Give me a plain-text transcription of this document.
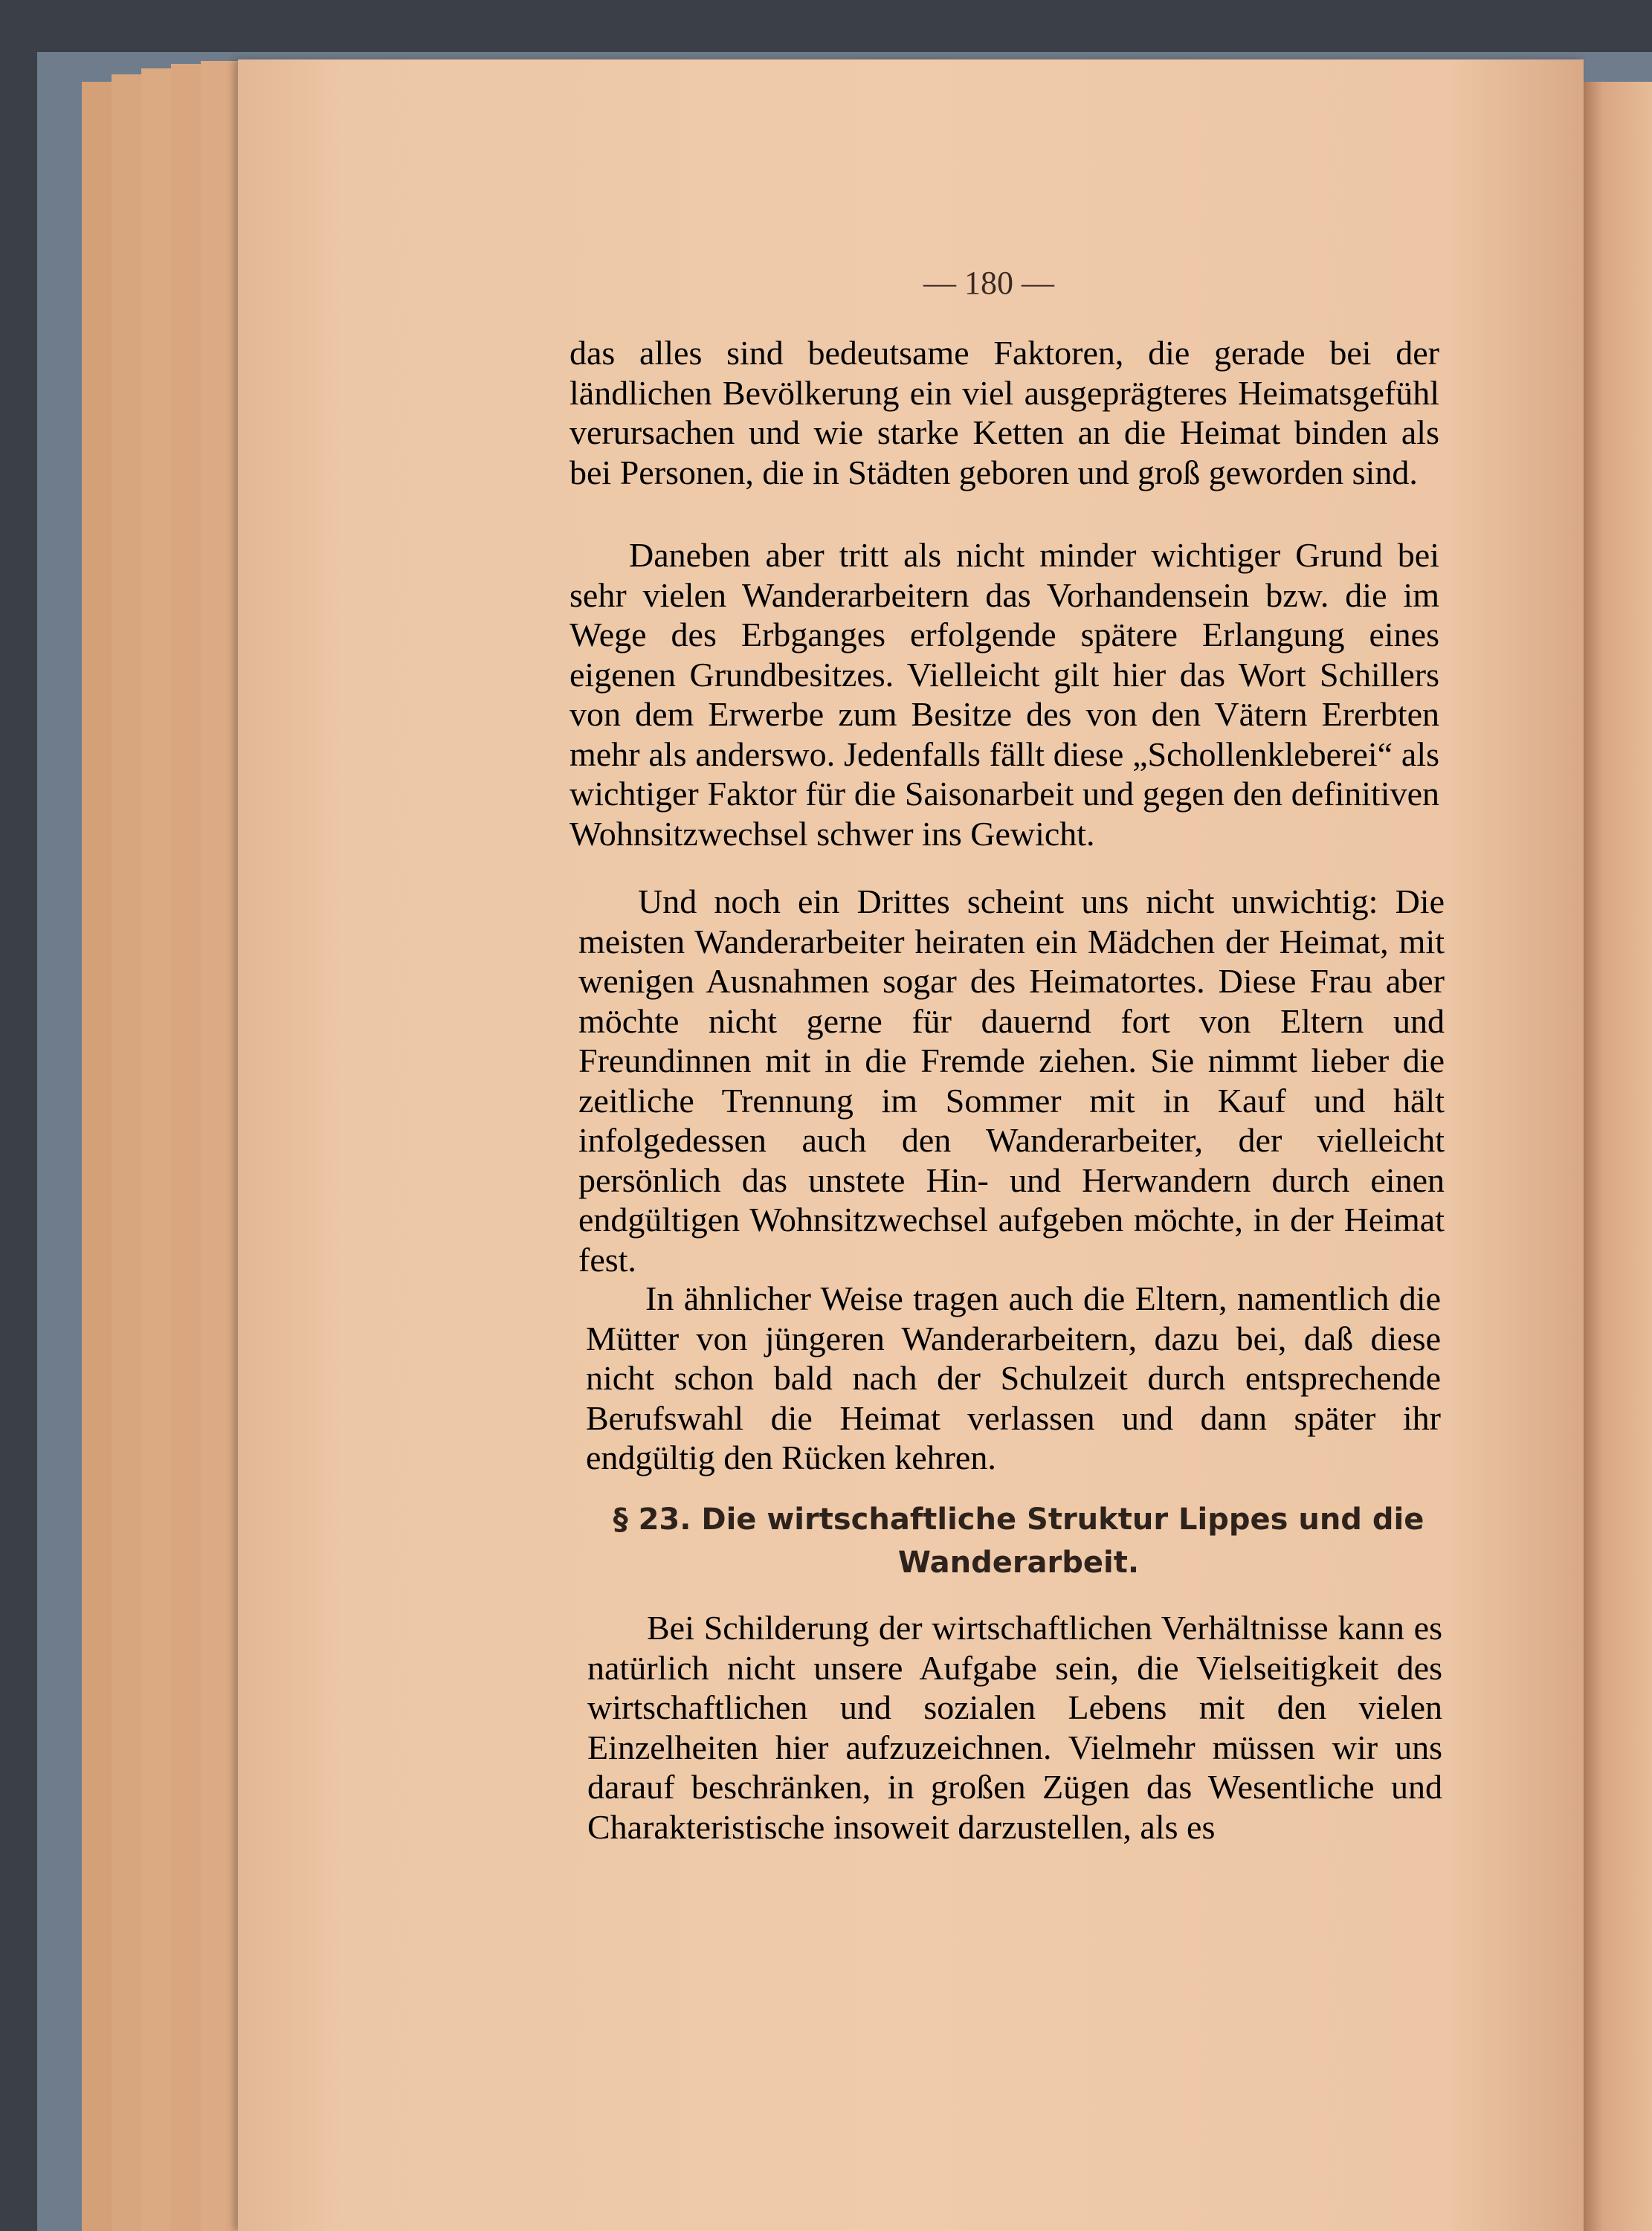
— 180 —

das alles sind bedeutsame Faktoren, die gerade bei der ländlichen Bevölkerung ein viel ausgeprägteres Heimatsgefühl verursachen und wie starke Ketten an die Heimat binden als bei Personen, die in Städten geboren und groß geworden sind.

Daneben aber tritt als nicht minder wichtiger Grund bei sehr vielen Wanderarbeitern das Vorhandensein bzw. die im Wege des Erbganges erfolgende spätere Erlangung eines eigenen Grundbesitzes. Vielleicht gilt hier das Wort Schillers von dem Erwerbe zum Besitze des von den Vätern Ererbten mehr als anderswo. Jedenfalls fällt diese „Schollenkleberei“ als wichtiger Faktor für die Saisonarbeit und gegen den definitiven Wohnsitzwechsel schwer ins Gewicht.

Und noch ein Drittes scheint uns nicht unwichtig: Die meisten Wanderarbeiter heiraten ein Mädchen der Heimat, mit wenigen Ausnahmen sogar des Heimatortes. Diese Frau aber möchte nicht gerne für dauernd fort von Eltern und Freundinnen mit in die Fremde ziehen. Sie nimmt lieber die zeitliche Trennung im Sommer mit in Kauf und hält infolgedessen auch den Wanderarbeiter, der vielleicht persönlich das unstete Hin- und Herwandern durch einen endgültigen Wohnsitzwechsel aufgeben möchte, in der Heimat fest.

In ähnlicher Weise tragen auch die Eltern, namentlich die Mütter von jüngeren Wanderarbeitern, dazu bei, daß diese nicht schon bald nach der Schulzeit durch entsprechende Berufswahl die Heimat verlassen und dann später ihr endgültig den Rücken kehren.

§ 23. Die wirtschaftliche Struktur Lippes und die
Wanderarbeit.

Bei Schilderung der wirtschaftlichen Verhältnisse kann es natürlich nicht unsere Aufgabe sein, die Vielseitigkeit des wirtschaftlichen und sozialen Lebens mit den vielen Einzelheiten hier aufzuzeichnen. Vielmehr müssen wir uns darauf beschränken, in großen Zügen das Wesentliche und Charakteristische insoweit darzustellen, als es
